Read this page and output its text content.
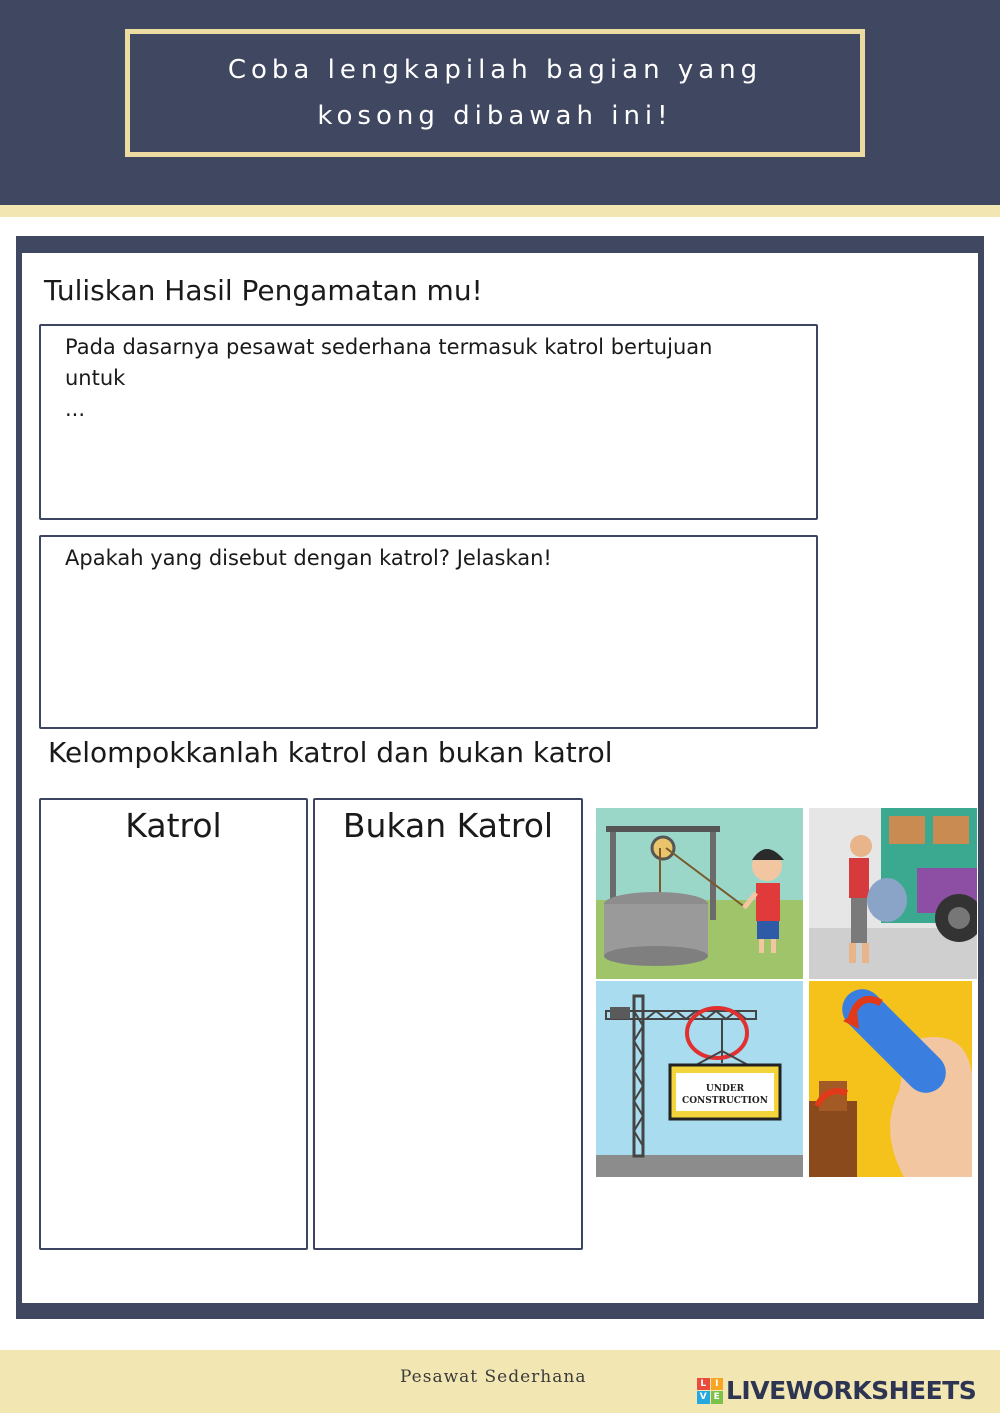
Coba lengkapilah bagian yang
kosong dibawah ini!
Tuliskan Hasil Pengamatan mu!
Pada dasarnya pesawat sederhana termasuk katrol bertujuan
untuk
...
Apakah yang disebut dengan katrol? Jelaskan!
Kelompokkanlah katrol dan bukan katrol
Katrol	Bukan Katrol
UNDER
CONSTRUCTION
Pesawat Sederhana	L I
V E LIVEWORKSHEETS
